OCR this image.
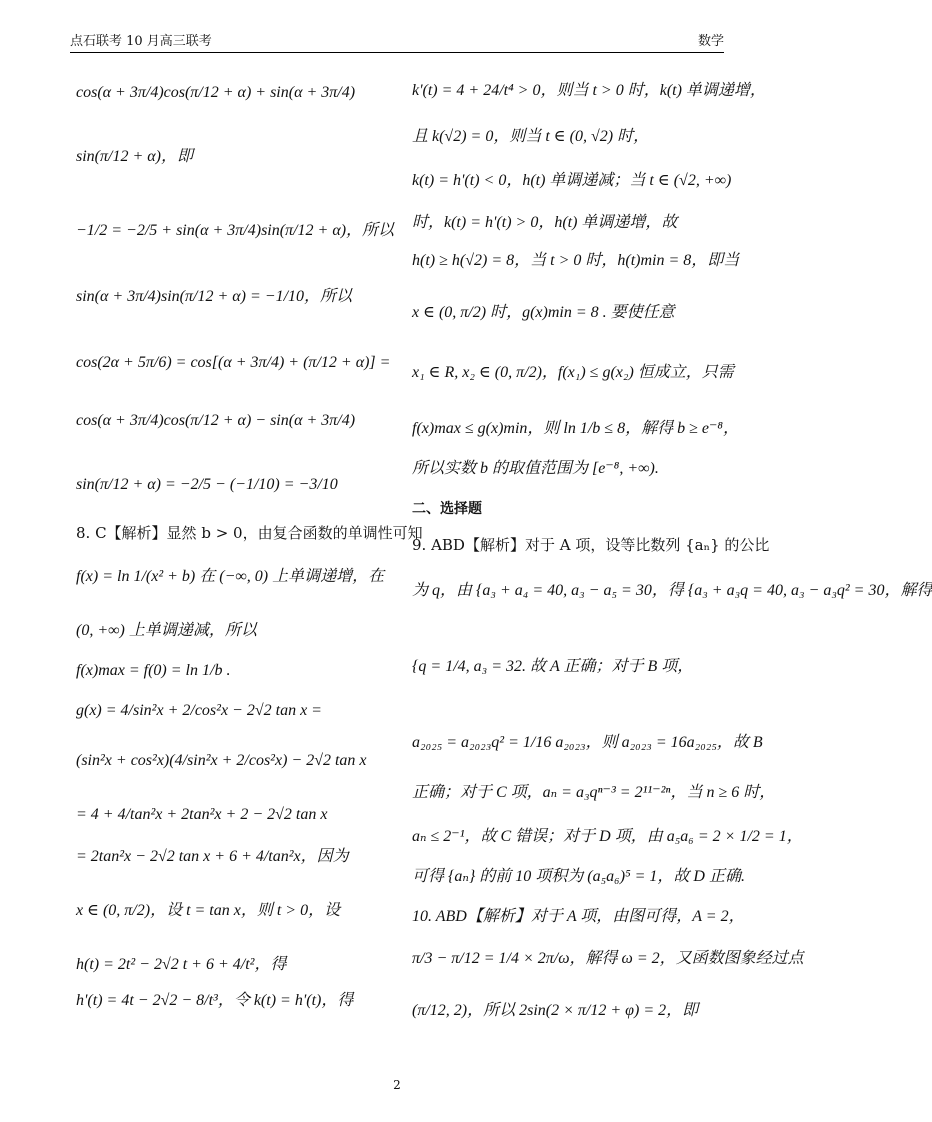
点石联考 10 月高三联考	数学
cos(α + 3π/4)cos(π/12 + α) + sin(α + 3π/4)
sin(π/12 + α)，即
−1/2 = −2/5 + sin(α + 3π/4)sin(π/12 + α)，所以
sin(α + 3π/4)sin(π/12 + α) = −1/10，所以
cos(2α + 5π/6) = cos[(α + 3π/4) + (π/12 + α)] =
cos(α + 3π/4)cos(π/12 + α) − sin(α + 3π/4)
sin(π/12 + α) = −2/5 − (−1/10) = −3/10
8. C【解析】显然 b > 0，由复合函数的单调性可知
f(x) = ln 1/(x² + b) 在 (−∞, 0) 上单调递增，在
(0, +∞) 上单调递减，所以
f(x)max = f(0) = ln 1/b .
g(x) = 4/sin²x + 2/cos²x − 2√2 tan x =
(sin²x + cos²x)(4/sin²x + 2/cos²x) − 2√2 tan x
= 4 + 4/tan²x + 2tan²x + 2 − 2√2 tan x
= 2tan²x − 2√2 tan x + 6 + 4/tan²x，因为
x ∈ (0, π/2)，设 t = tan x，则 t > 0，设
h(t) = 2t² − 2√2 t + 6 + 4/t²，得
h'(t) = 4t − 2√2 − 8/t³，令 k(t) = h'(t)，得
k'(t) = 4 + 24/t⁴ > 0，则当 t > 0 时，k(t) 单调递增，
且 k(√2) = 0，则当 t ∈ (0, √2) 时，
k(t) = h'(t) < 0，h(t) 单调递减；当 t ∈ (√2, +∞)
时，k(t) = h'(t) > 0，h(t) 单调递增，故
h(t) ≥ h(√2) = 8，当 t > 0 时，h(t)min = 8，即当
x ∈ (0, π/2) 时，g(x)min = 8 . 要使任意
x₁ ∈ R, x₂ ∈ (0, π/2)，f(x₁) ≤ g(x₂) 恒成立，只需
f(x)max ≤ g(x)min，则 ln 1/b ≤ 8，解得 b ≥ e⁻⁸，
所以实数 b 的取值范围为 [e⁻⁸, +∞).
二、选择题
9. ABD【解析】对于 A 项，设等比数列 {aₙ} 的公比
为 q，由 {a₃ + a₄ = 40, a₃ − a₅ = 30，得 {a₃ + a₃q = 40, a₃ − a₃q² = 30，解得
{q = 1/4, a₃ = 32. 故 A 正确；对于 B 项，
a₂₀₂₅ = a₂₀₂₃q² = 1/16 a₂₀₂₃，则 a₂₀₂₃ = 16a₂₀₂₅，故 B
正确；对于 C 项，aₙ = a₃qⁿ⁻³ = 2¹¹⁻²ⁿ，当 n ≥ 6 时，
aₙ ≤ 2⁻¹，故 C 错误；对于 D 项，由 a₅a₆ = 2 × 1/2 = 1，
可得 {aₙ} 的前 10 项积为 (a₅a₆)⁵ = 1，故 D 正确.
10. ABD【解析】对于 A 项，由图可得，A = 2，
π/3 − π/12 = 1/4 × 2π/ω，解得 ω = 2，又函数图象经过点
(π/12, 2)，所以 2sin(2 × π/12 + φ) = 2，即
2
